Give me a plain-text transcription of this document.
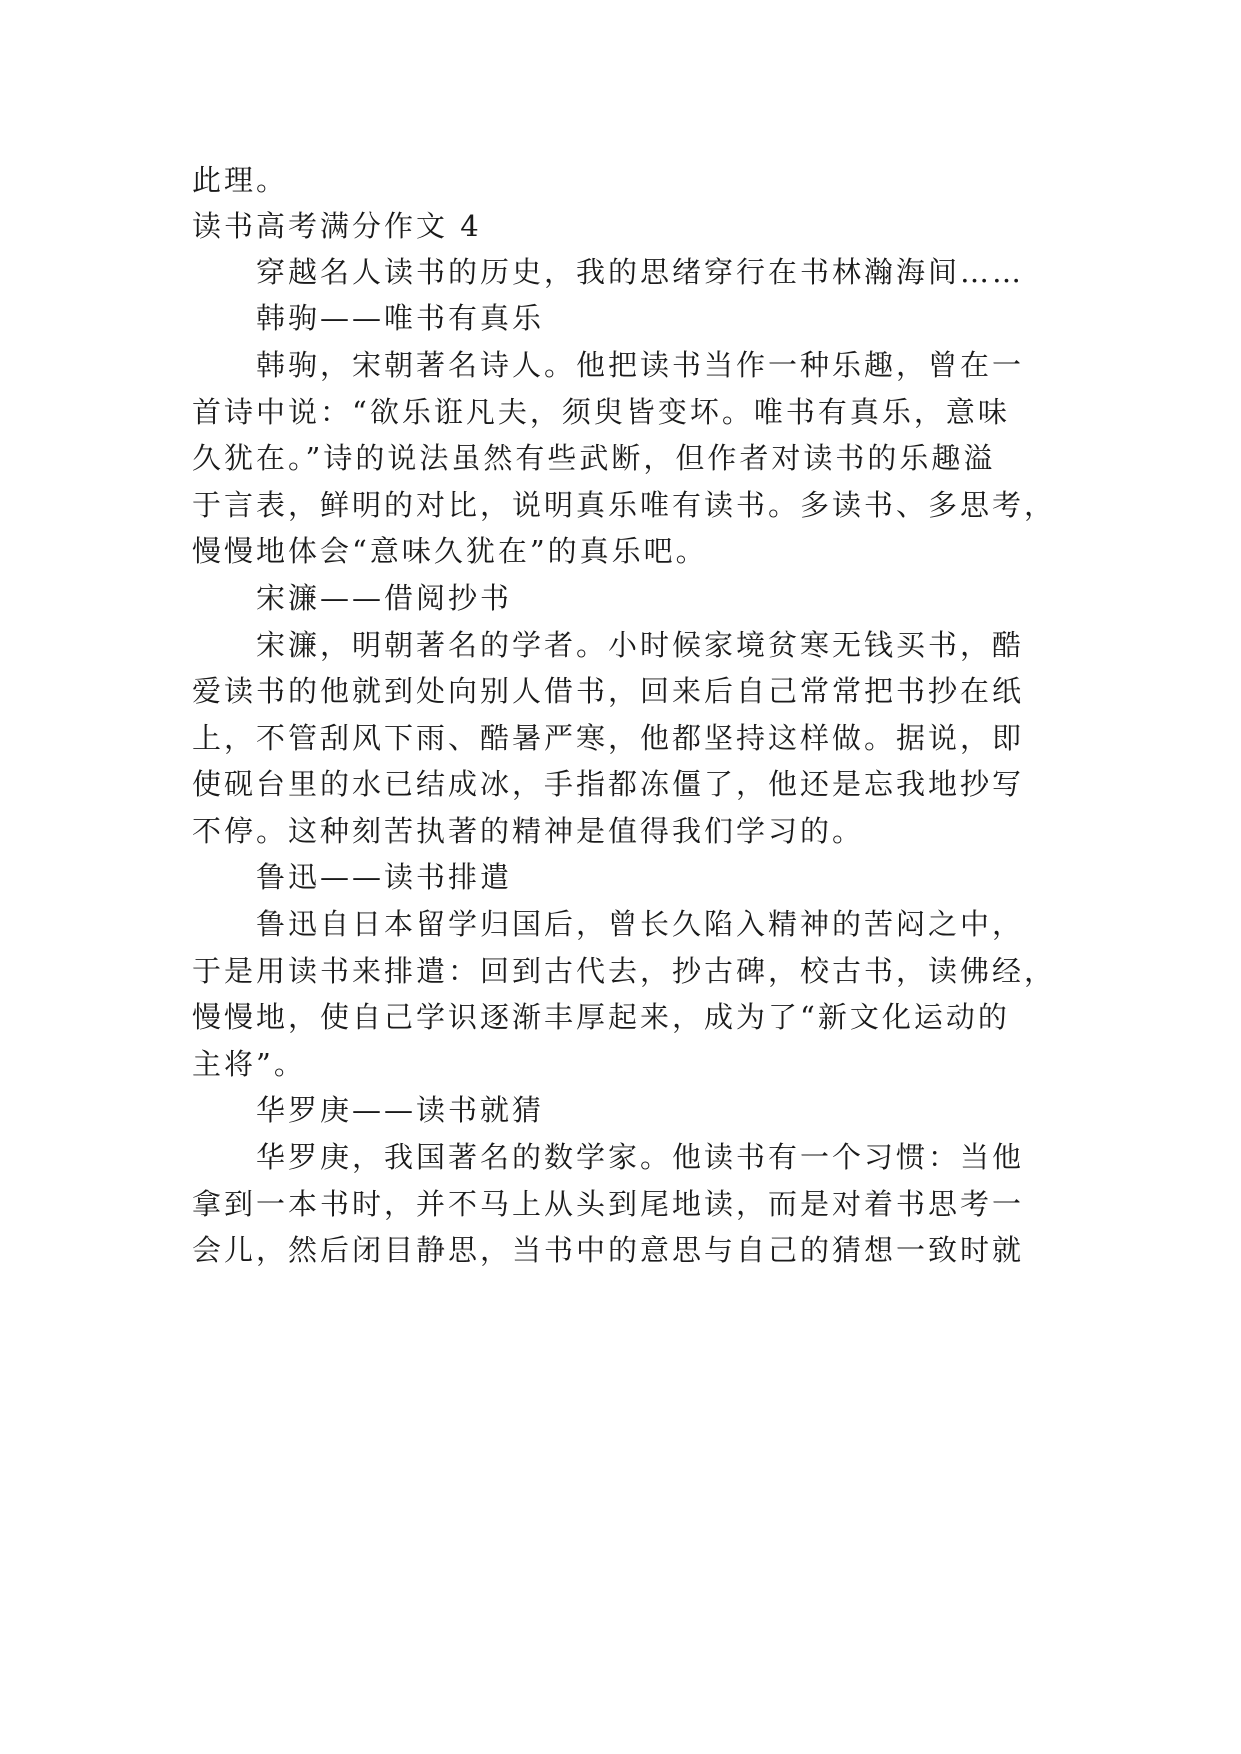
此理。

读书高考满分作文 4

穿越名人读书的历史，我的思绪穿行在书林瀚海间……

韩驹——唯书有真乐

韩驹，宋朝著名诗人。他把读书当作一种乐趣，曾在一

首诗中说：“欲乐诳凡夫，须臾皆变坏。唯书有真乐，意味

久犹在。”诗的说法虽然有些武断，但作者对读书的乐趣溢

于言表，鲜明的对比，说明真乐唯有读书。多读书、多思考，

慢慢地体会“意味久犹在”的真乐吧。

宋濂——借阅抄书

宋濂，明朝著名的学者。小时候家境贫寒无钱买书，酷

爱读书的他就到处向别人借书，回来后自己常常把书抄在纸

上，不管刮风下雨、酷暑严寒，他都坚持这样做。据说，即

使砚台里的水已结成冰，手指都冻僵了，他还是忘我地抄写

不停。这种刻苦执著的精神是值得我们学习的。

鲁迅——读书排遣

鲁迅自日本留学归国后，曾长久陷入精神的苦闷之中，

于是用读书来排遣：回到古代去，抄古碑，校古书，读佛经，

慢慢地，使自己学识逐渐丰厚起来，成为了“新文化运动的

主将”。

华罗庚——读书就猜

华罗庚，我国著名的数学家。他读书有一个习惯：当他

拿到一本书时，并不马上从头到尾地读，而是对着书思考一

会儿，然后闭目静思，当书中的意思与自己的猜想一致时就
